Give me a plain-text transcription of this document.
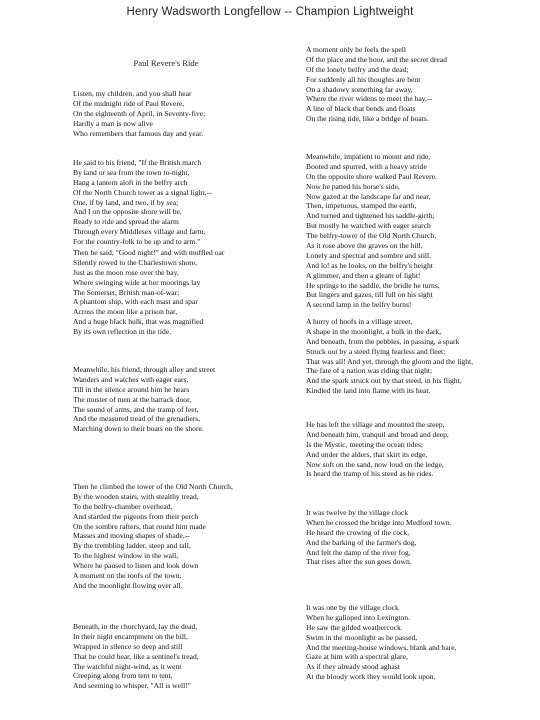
Henry Wadsworth Longfellow -- Champion Lightweight
Paul Revere's Ride
Listen, my children, and you shall hear
Of the midnight ride of Paul Revere,
On the eighteenth of April, in Seventy-five;
Hardly a man is now alive
Who remembers that famous day and year.
He said to his friend, "If the British march
By land or sea from the town to-night,
Hang a lantern aloft in the belfry arch
Of the North Church tower as a signal light,--
One, if by land, and two, if by sea;
And I on the opposite shore will be,
Ready to ride and spread the alarm
Through every Middlesex village and farm,
For the country-folk to be up and to arm."
Then he said, "Good night!" and with muffled oar
Silently rowed to the Charlestown shore,
Just as the moon rose over the bay,
Where swinging wide at her moorings lay
The Somerset, British man-of-war;
A phantom ship, with each mast and spar
Across the moon like a prison bar,
And a huge black hulk, that was magnified
By its own reflection in the tide.
Meanwhile, his friend, through alley and street
Wanders and watches with eager ears,
Till in the silence around him he hears
The muster of men at the barrack door,
The sound of arms, and the tramp of feet,
And the measured tread of the grenadiers,
Marching down to their boats on the shore.
Then he climbed the tower of the Old North Church,
By the wooden stairs, with stealthy tread,
To the belfry-chamber overhead,
And startled the pigeons from their perch
On the sombre rafters, that round him made
Masses and moving shapes of shade,--
By the trembling ladder, steep and tall,
To the highest window in the wall,
Where he paused to listen and look down
A moment on the roofs of the town,
And the moonlight flowing over all.
Beneath, in the churchyard, lay the dead,
In their night encampment on the hill,
Wrapped in silence so deep and still
That he could hear, like a sentinel's tread,
The watchful night-wind, as it went
Creeping along from tent to tent,
And seeming to whisper, "All is well!"
A moment only he feels the spell
Of the place and the hour, and the secret dread
Of the lonely belfry and the dead;
For suddenly all his thoughts are bent
On a shadowy something far away,
Where the river widens to meet the bay,--
A line of black that bends and floats
On the rising tide, like a bridge of boats.
Meanwhile, impatient to mount and ride,
Booted and spurred, with a heavy stride
On the opposite shore walked Paul Revere.
Now he patted his horse's side,
Now gazed at the landscape far and near,
Then, impetuous, stamped the earth,
And turned and tightened his saddle-girth;
But mostly he watched with eager search
The belfry-tower of the Old North Church,
As it rose above the graves on the hill,
Lonely and spectral and sombre and still.
And lo! as he looks, on the belfry's height
A glimmer, and then a gleam of light!
He springs to the saddle, the bridle he turns,
But lingers and gazes, till full on his sight
A second lamp in the belfry burns!
A hurry of hoofs in a village street,
A shape in the moonlight, a bulk in the dark,
And beneath, from the pebbles, in passing, a spark
Struck out by a steed flying fearless and fleet:
That was all! And yet, through the gloom and the light,
The fate of a nation was riding that night;
And the spark struck out by that steed, in his flight,
Kindled the land into flame with its heat.
He has left the village and mounted the steep,
And beneath him, tranquil and broad and deep,
Is the Mystic, meeting the ocean tides;
And under the alders, that skirt its edge,
Now soft on the sand, now loud on the ledge,
Is heard the tramp of his steed as he rides.
It was twelve by the village clock
When he crossed the bridge into Medford town.
He heard the crowing of the cock,
And the barking of the farmer's dog,
And felt the damp of the river fog,
That rises after the sun goes down.
It was one by the village clock
When he galloped into Lexington.
He saw the gilded weathercock
Swim in the moonlight as he passed,
And the meeting-house windows, blank and bare,
Gaze at him with a spectral glare,
As if they already stood aghast
At the bloody work they would look upon.
